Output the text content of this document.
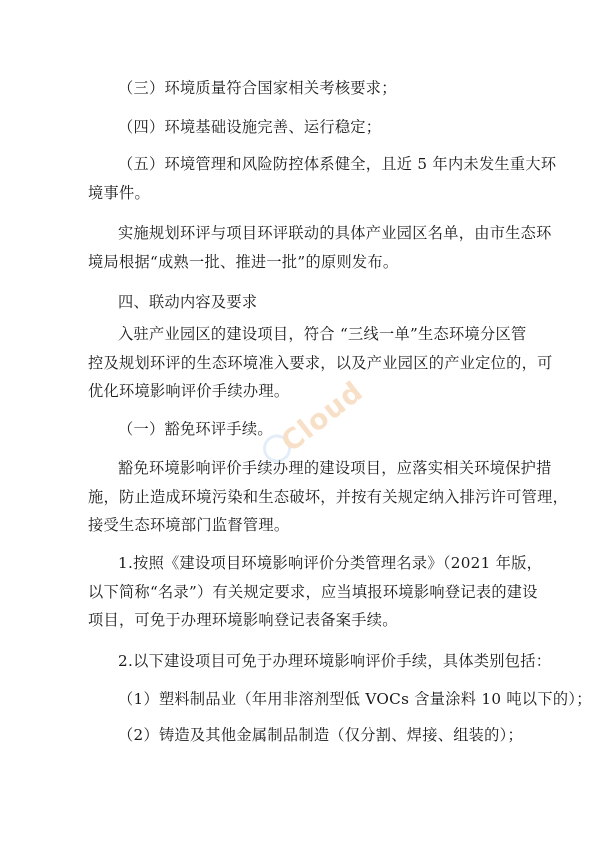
（三）环境质量符合国家相关考核要求；
（四）环境基础设施完善、运行稳定；
（五）环境管理和风险防控体系健全，且近 5 年内未发生重大环
境事件。
实施规划环评与项目环评联动的具体产业园区名单，由市生态环
境局根据“成熟一批、推进一批”的原则发布。
四、联动内容及要求
入驻产业园区的建设项目，符合 “三线一单”生态环境分区管
控及规划环评的生态环境准入要求，以及产业园区的产业定位的，可
优化环境影响评价手续办理。
（一）豁免环评手续。
豁免环境影响评价手续办理的建设项目，应落实相关环境保护措
施，防止造成环境污染和生态破坏，并按有关规定纳入排污许可管理，
接受生态环境部门监督管理。
1.按照《建设项目环境影响评价分类管理名录》（2021 年版，
以下简称“名录”）有关规定要求，应当填报环境影响登记表的建设
项目，可免于办理环境影响登记表备案手续。
2.以下建设项目可免于办理环境影响评价手续，具体类别包括：
（1）塑料制品业（年用非溶剂型低 VOCs 含量涂料 10 吨以下的）；
（2）铸造及其他金属制品制造（仅分割、焊接、组装的）；
Cloud
